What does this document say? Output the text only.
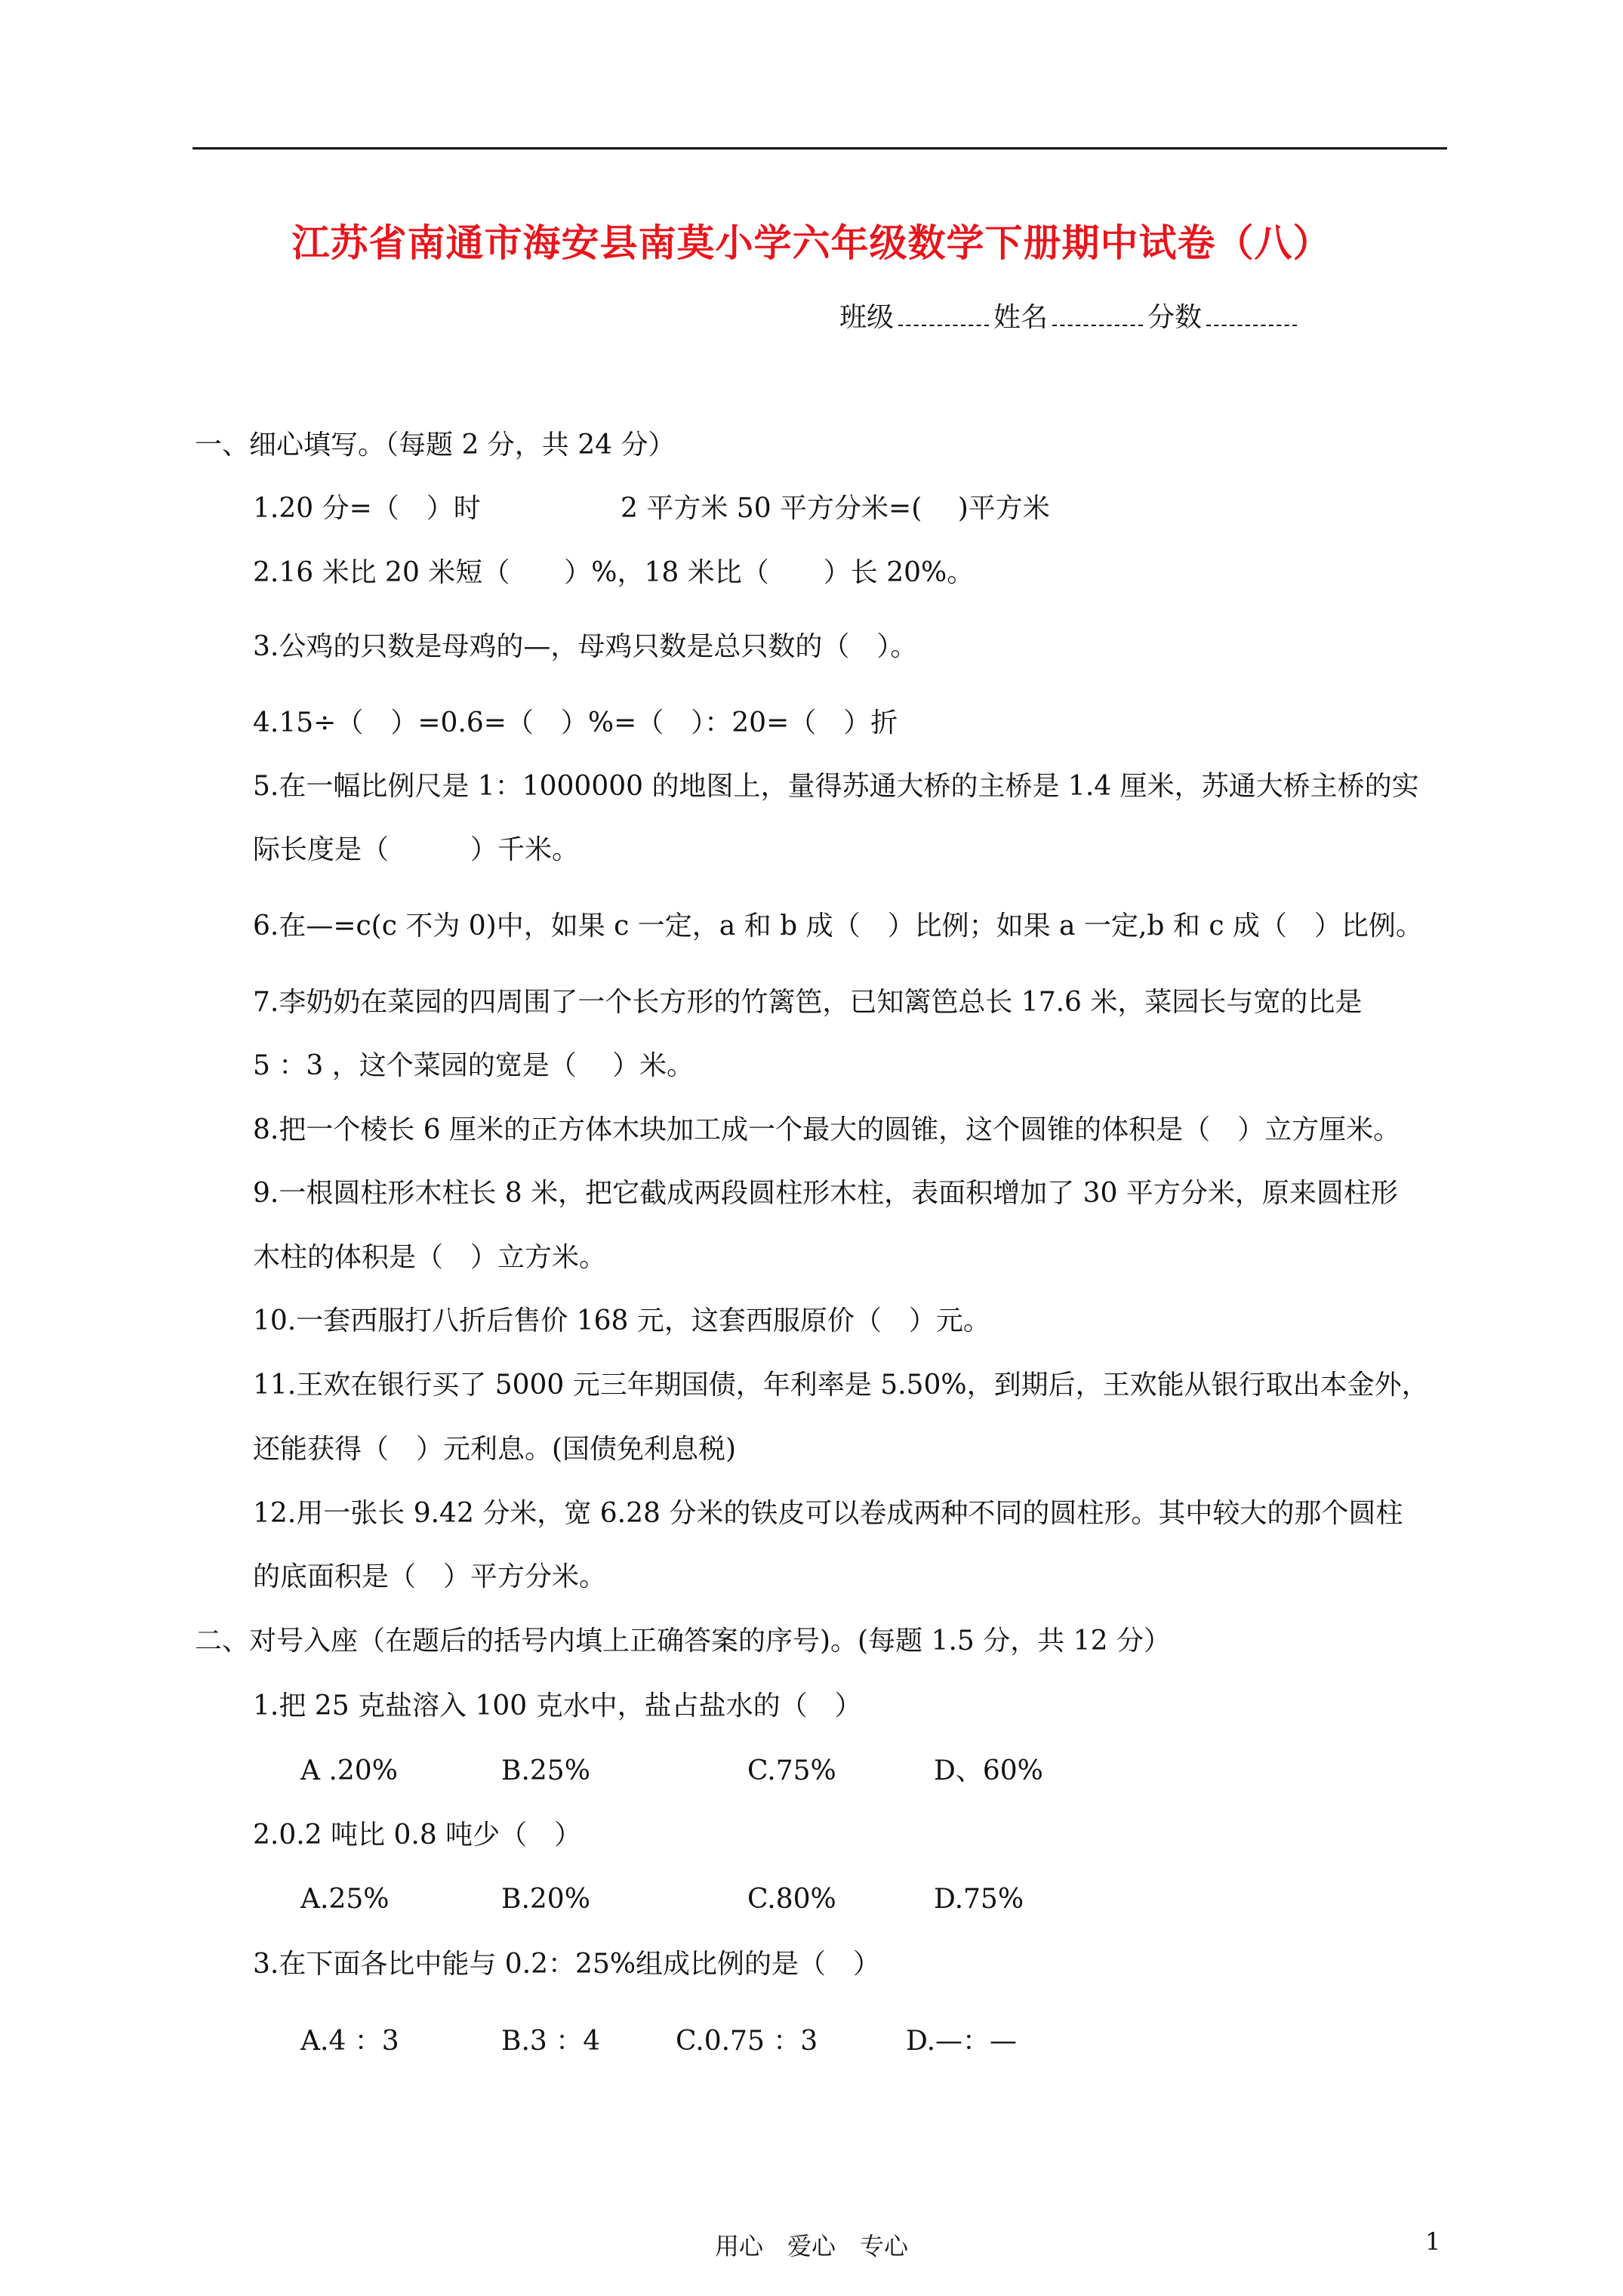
江苏省南通市海安县南莫小学六年级数学下册期中试卷（八）
班级	姓名	分数
一、细心填写。（每题 2 分，共 24 分）
1.20 分=（　）时	2 平方米 50 平方分米=(　 )平方米
2.16 米比 20 米短（　　）%，18 米比（　　）长 20%。
3.公鸡的只数是母鸡的—，母鸡只数是总只数的（　）。
4.15÷（　）=0.6=（　）%=（　）：20=（　）折
5.在一幅比例尺是 1：1000000 的地图上，量得苏通大桥的主桥是 1.4 厘米，苏通大桥主桥的实
际长度是（　　　）千米。
6.在—=c(c 不为 0)中，如果 c 一定，a 和 b 成（　）比例；如果 a 一定,b 和 c 成（　）比例。
7.李奶奶在菜园的四周围了一个长方形的竹篱笆，已知篱笆总长 17.6 米，菜园长与宽的比是
5 ：3 ，这个菜园的宽是（　 ）米。
8.把一个棱长 6 厘米的正方体木块加工成一个最大的圆锥，这个圆锥的体积是（　）立方厘米。
9.一根圆柱形木柱长 8 米，把它截成两段圆柱形木柱，表面积增加了 30 平方分米，原来圆柱形
木柱的体积是（　）立方米。
10.一套西服打八折后售价 168 元，这套西服原价（　）元。
11.王欢在银行买了 5000 元三年期国债，年利率是 5.50%，到期后，王欢能从银行取出本金外，
还能获得（　）元利息。(国债免利息税)
12.用一张长 9.42 分米，宽 6.28 分米的铁皮可以卷成两种不同的圆柱形。其中较大的那个圆柱
的底面积是（　）平方分米。
二、对号入座（在题后的括号内填上正确答案的序号)。(每题 1.5 分，共 12 分）
1.把 25 克盐溶入 100 克水中，盐占盐水的（　）
A .20%	B.25%	C.75%	D、60%
2.0.2 吨比 0.8 吨少（　）
A.25%	B.20%	C.80%	D.75%
3.在下面各比中能与 0.2：25%组成比例的是（　）
A.4 ：3	B.3 ：4	C.0.75 ：3	D.—：—
用心　爱心　专心	1
